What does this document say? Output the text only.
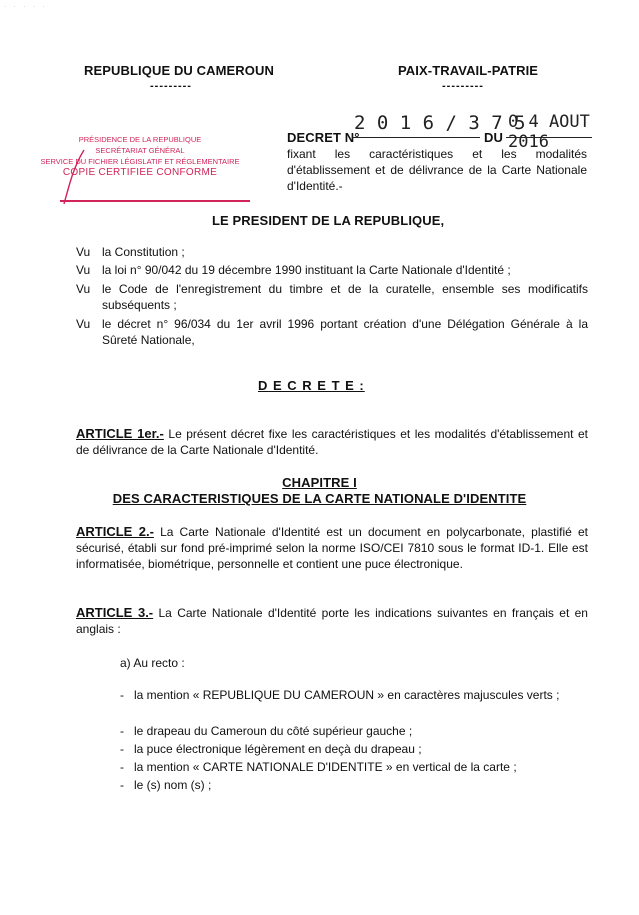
· · · · ·
REPUBLIQUE DU CAMEROUN
---------
PAIX-TRAVAIL-PATRIE
---------
PRÉSIDENCE DE LA REPUBLIQUE
SECRÉTARIAT GÉNÉRAL
SERVICE DU FICHIER LÉGISLATIF ET RÉGLEMENTAIRE
COPIE CERTIFIEE CONFORME
DECRET N°
2 0 1 6 / 3 7 5
DU
0 4 AOUT 2016
fixant les caractéristiques et les modalités d'établissement et de délivrance de la Carte Nationale d'Identité.-
LE PRESIDENT DE LA REPUBLIQUE,
Vu la Constitution ;
Vu la loi n° 90/042 du 19 décembre 1990 instituant la Carte Nationale d'Identité ;
Vu le Code de l'enregistrement du timbre et de la curatelle, ensemble ses modificatifs subséquents ;
Vu le décret n° 96/034 du 1er avril 1996 portant création d'une Délégation Générale à la Sûreté Nationale,
D E C R E T E :
ARTICLE 1er.- Le présent décret fixe les caractéristiques et les modalités d'établissement et de délivrance de la Carte Nationale d'Identité.
CHAPITRE I
DES CARACTERISTIQUES DE LA CARTE NATIONALE D'IDENTITE
ARTICLE 2.- La Carte Nationale d'Identité est un document en polycarbonate, plastifié et sécurisé, établi sur fond pré-imprimé selon la norme ISO/CEI 7810 sous le format ID-1. Elle est informatisée, biométrique, personnelle et contient une puce électronique.
ARTICLE 3.- La Carte Nationale d'Identité porte les indications suivantes en français et en anglais :
a) Au recto :
- la mention « REPUBLIQUE DU CAMEROUN » en caractères majuscules verts ;
- le drapeau du Cameroun du côté supérieur gauche ;
- la puce électronique légèrement en deçà du drapeau ;
- la mention « CARTE NATIONALE D'IDENTITE » en vertical de la carte ;
- le (s) nom (s) ;
